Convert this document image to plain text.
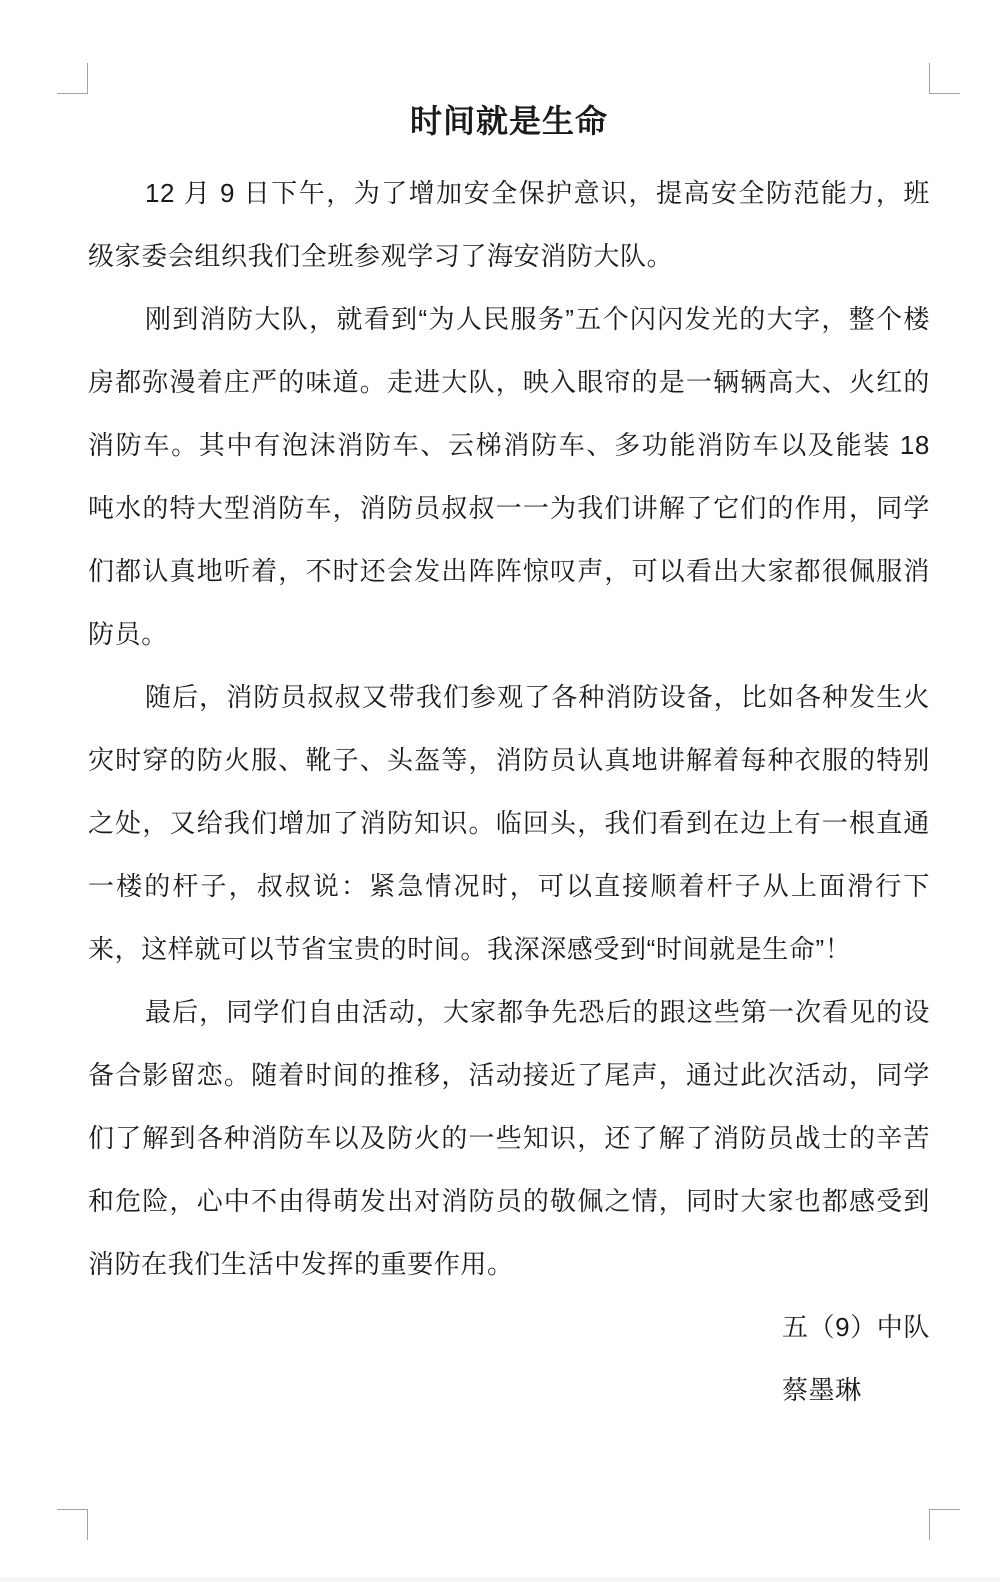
时间就是生命

12 月 9 日下午，为了增加安全保护意识，提高安全防范能力，班级家委会组织我们全班参观学习了海安消防大队。

刚到消防大队，就看到“为人民服务”五个闪闪发光的大字，整个楼房都弥漫着庄严的味道。走进大队，映入眼帘的是一辆辆高大、火红的消防车。其中有泡沫消防车、云梯消防车、多功能消防车以及能装 18 吨水的特大型消防车，消防员叔叔一一为我们讲解了它们的作用，同学们都认真地听着，不时还会发出阵阵惊叹声，可以看出大家都很佩服消防员。

随后，消防员叔叔又带我们参观了各种消防设备，比如各种发生火灾时穿的防火服、靴子、头盔等，消防员认真地讲解着每种衣服的特别之处，又给我们增加了消防知识。临回头，我们看到在边上有一根直通一楼的杆子，叔叔说：紧急情况时，可以直接顺着杆子从上面滑行下来，这样就可以节省宝贵的时间。我深深感受到“时间就是生命”！

最后，同学们自由活动，大家都争先恐后的跟这些第一次看见的设备合影留恋。随着时间的推移，活动接近了尾声，通过此次活动，同学们了解到各种消防车以及防火的一些知识，还了解了消防员战士的辛苦和危险，心中不由得萌发出对消防员的敬佩之情，同时大家也都感受到消防在我们生活中发挥的重要作用。

五（9）中队
蔡墨琳
